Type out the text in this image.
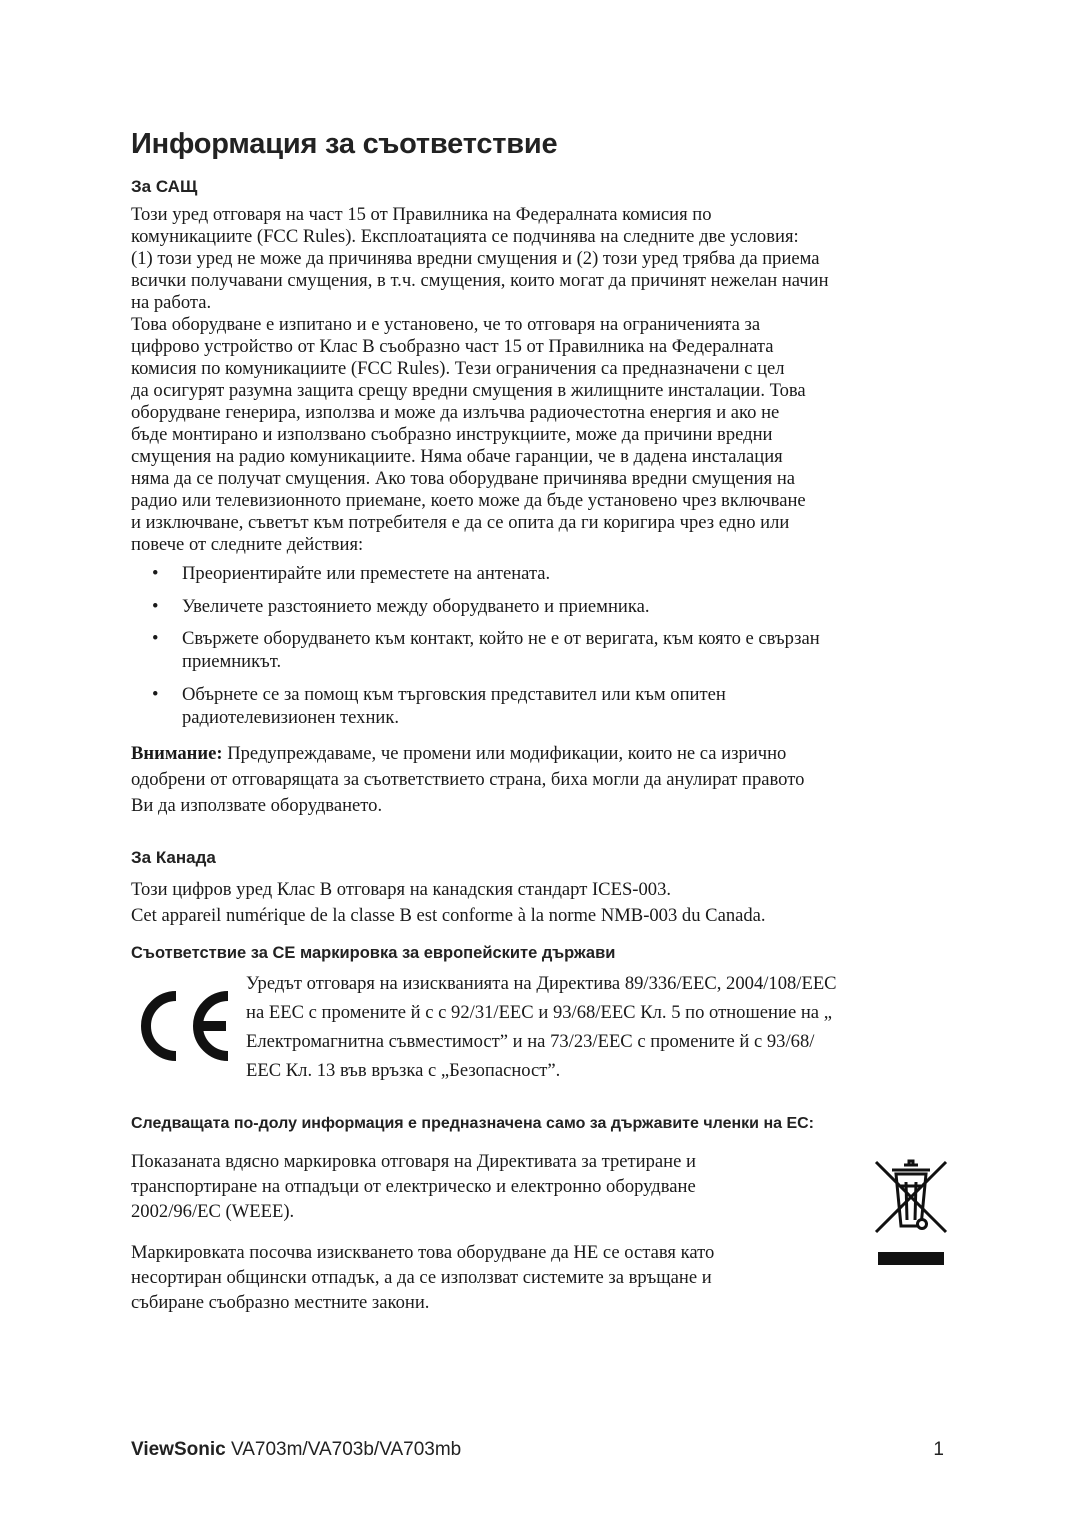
Информация за съответствие
За САЩ
Този уред отговаря на част 15 от Правилника на Федералната комисия по
комуникациите (FCC Rules). Експлоатацията се подчинява на следните две условия:
(1) този уред не може да причинява вредни смущения и (2) този уред трябва да приема
всички получавани смущения, в т.ч. смущения, които могат да причинят нежелан начин
на работа.
Това оборудване е изпитано и е установено, че то отговаря на ограниченията за
цифрово устройство от Клас B съобразно част 15 от Правилника на Федералната
комисия по комуникациите (FCC Rules). Тези ограничения са предназначени с цел
да осигурят разумна защита срещу вредни смущения в жилищните инсталации. Това
оборудване генерира, използва и може да излъчва радиочестотна енергия и ако не
бъде монтирано и използвано съобразно инструкциите, може да причини вредни
смущения на радио комуникациите. Няма обаче гаранции, че в дадена инсталация
няма да се получат смущения. Ако това оборудване причинява вредни смущения на
радио или телевизионното приемане, което може да бъде установено чрез включване
и изключване, съветът към потребителя е да се опита да ги коригира чрез едно или
повече от следните действия:
• Преориентирайте или преместете на антената.
• Увеличете разстоянието между оборудването и приемника.
• Свържете оборудването към контакт, който не е от веригата, към която е свързан
приемникът.
• Обърнете се за помощ към търговския представител или към опитен
радиотелевизионен техник.
Внимание: Предупреждаваме, че промени или модификации, които не са изрично
одобрени от отговарящата за съответствието страна, биха могли да анулират правото
Ви да използвате оборудването.
За Канада
Този цифров уред Клас B отговаря на канадския стандарт ICES-003.
Cet appareil numérique de la classe B est conforme à la norme NMB-003 du Canada.
Съответствие за CE маркировка за европейските държави
Уредът отговаря на изискванията на Директива 89/336/EEC, 2004/108/EEC
на EEC с промените й с с 92/31/EEC и 93/68/EEC Кл. 5 по отношение на „
Електромагнитна съвместимост” и на 73/23/EEC с промените й с 93/68/
EEC Кл. 13 във връзка с „Безопасност”.
Следващата по-долу информация е предназначена само за държавите членки на ЕС:
Показаната вдясно маркировка отговаря на Директивата за третиране и
транспортиране на отпадъци от електрическо и електронно оборудване
2002/96/EC (WEEE).
Маркировката посочва изискването това оборудване да НЕ се оставя като
несортиран общински отпадък, а да се използват системите за връщане и
събиране съобразно местните закони.
ViewSonic VA703m/VA703b/VA703mb	1
